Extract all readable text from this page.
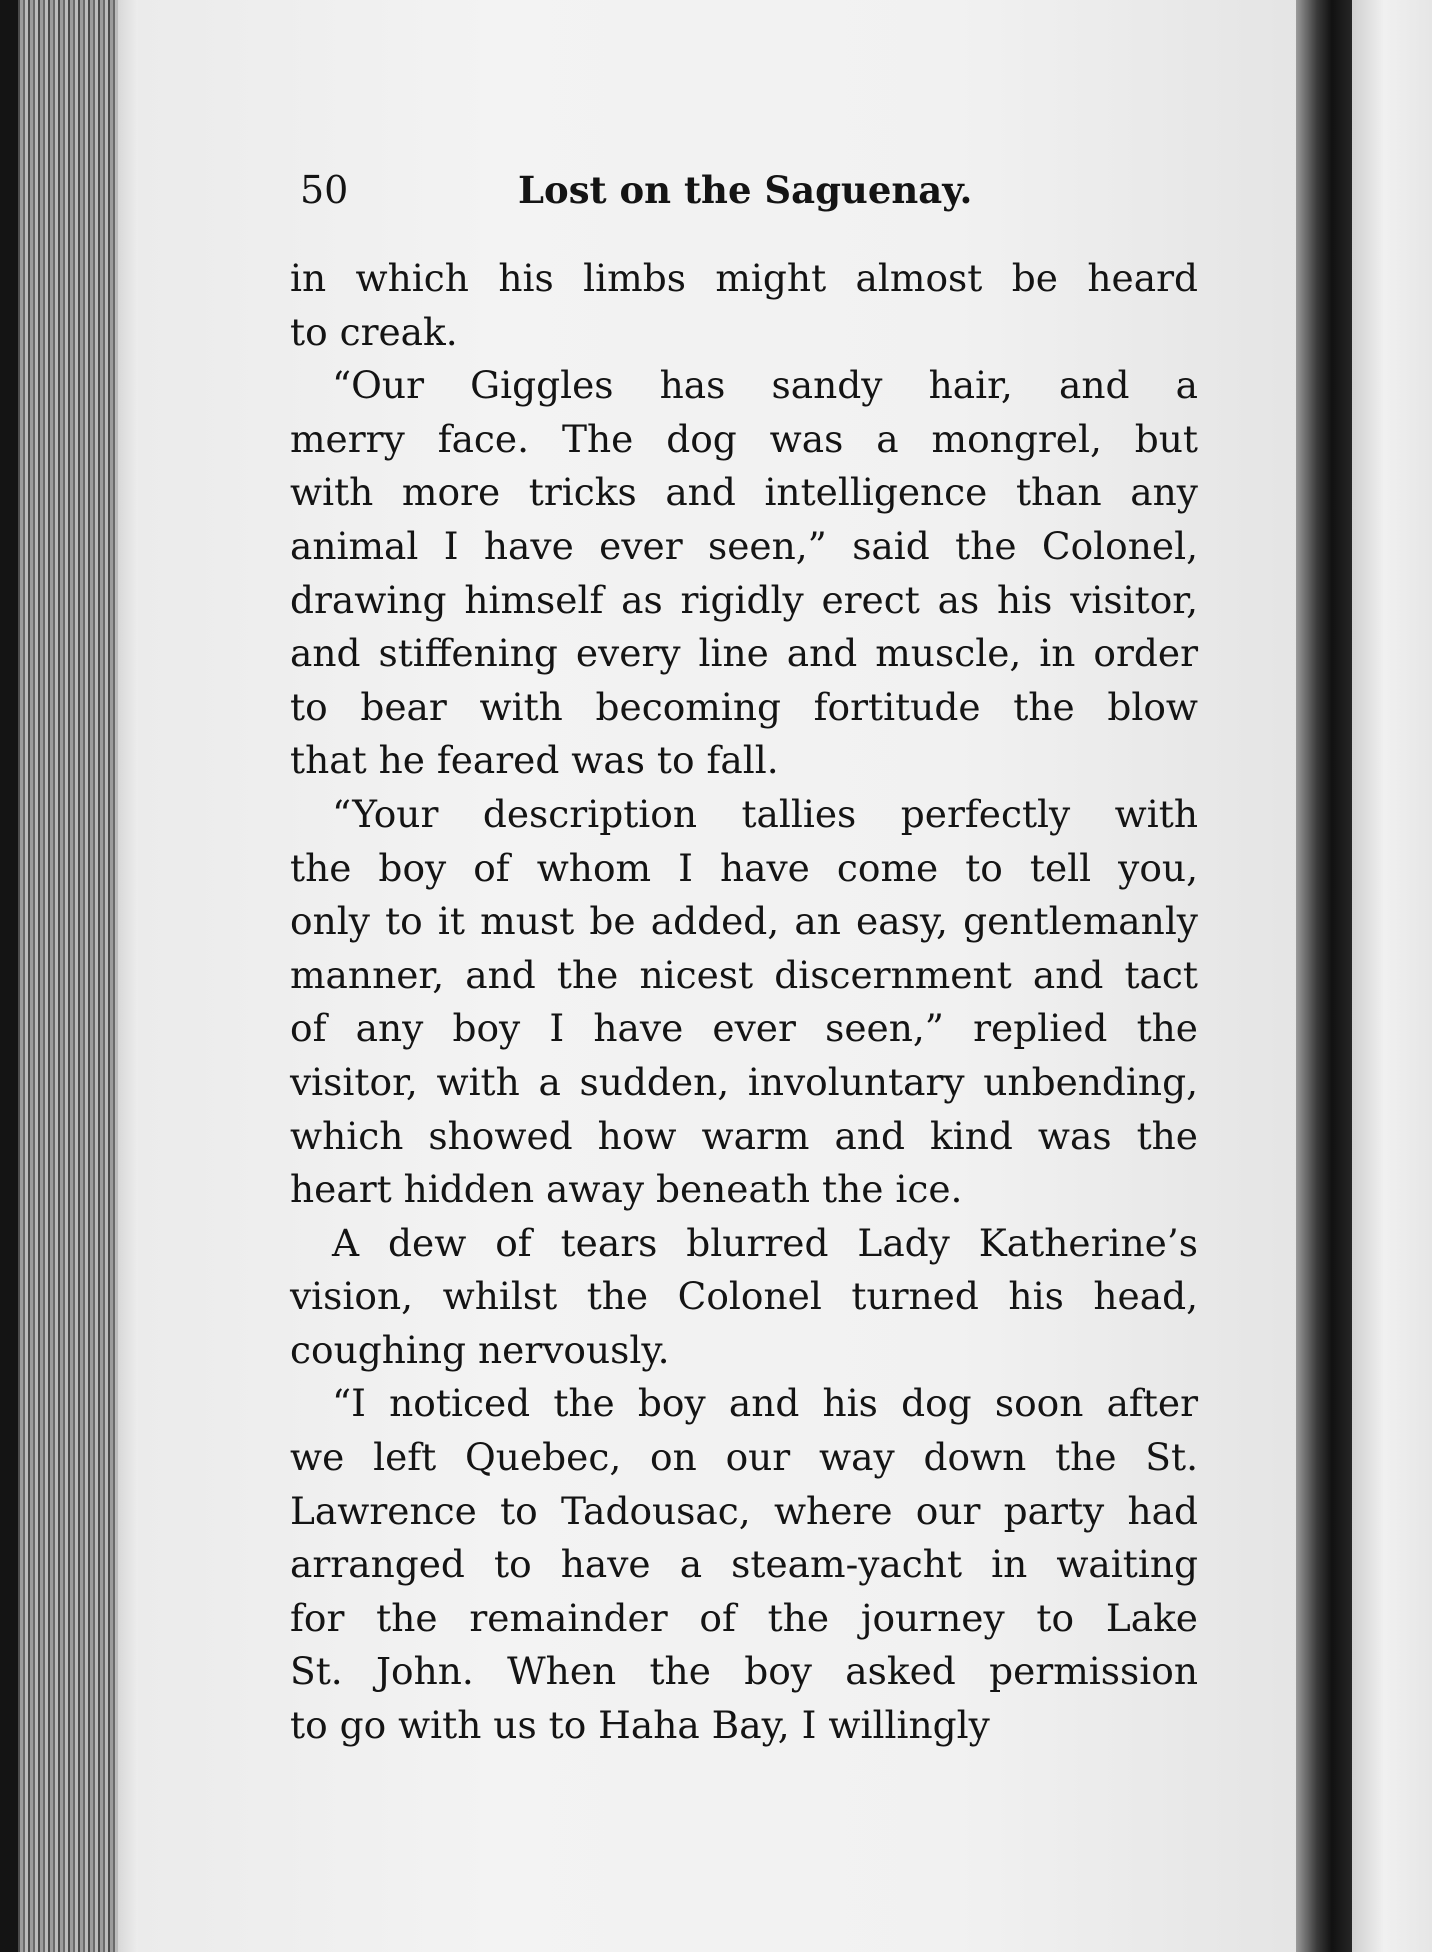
50	Lost on the Saguenay.

in which his limbs might almost be heard
to creak.

“Our Giggles has sandy hair, and a
merry face. The dog was a mongrel, but
with more tricks and intelligence than any
animal I have ever seen,” said the Colonel,
drawing himself as rigidly erect as his visitor,
and stiffening every line and muscle, in order
to bear with becoming fortitude the blow
that he feared was to fall.

“Your description tallies perfectly with
the boy of whom I have come to tell you,
only to it must be added, an easy, gentlemanly
manner, and the nicest discernment and tact
of any boy I have ever seen,” replied the
visitor, with a sudden, involuntary unbending,
which showed how warm and kind was the
heart hidden away beneath the ice.

A dew of tears blurred Lady Katherine’s
vision, whilst the Colonel turned his head,
coughing nervously.

“I noticed the boy and his dog soon after
we left Quebec, on our way down the St.
Lawrence to Tadousac, where our party had
arranged to have a steam-yacht in waiting
for the remainder of the journey to Lake
St. John. When the boy asked permission
to go with us to Haha Bay, I willingly
